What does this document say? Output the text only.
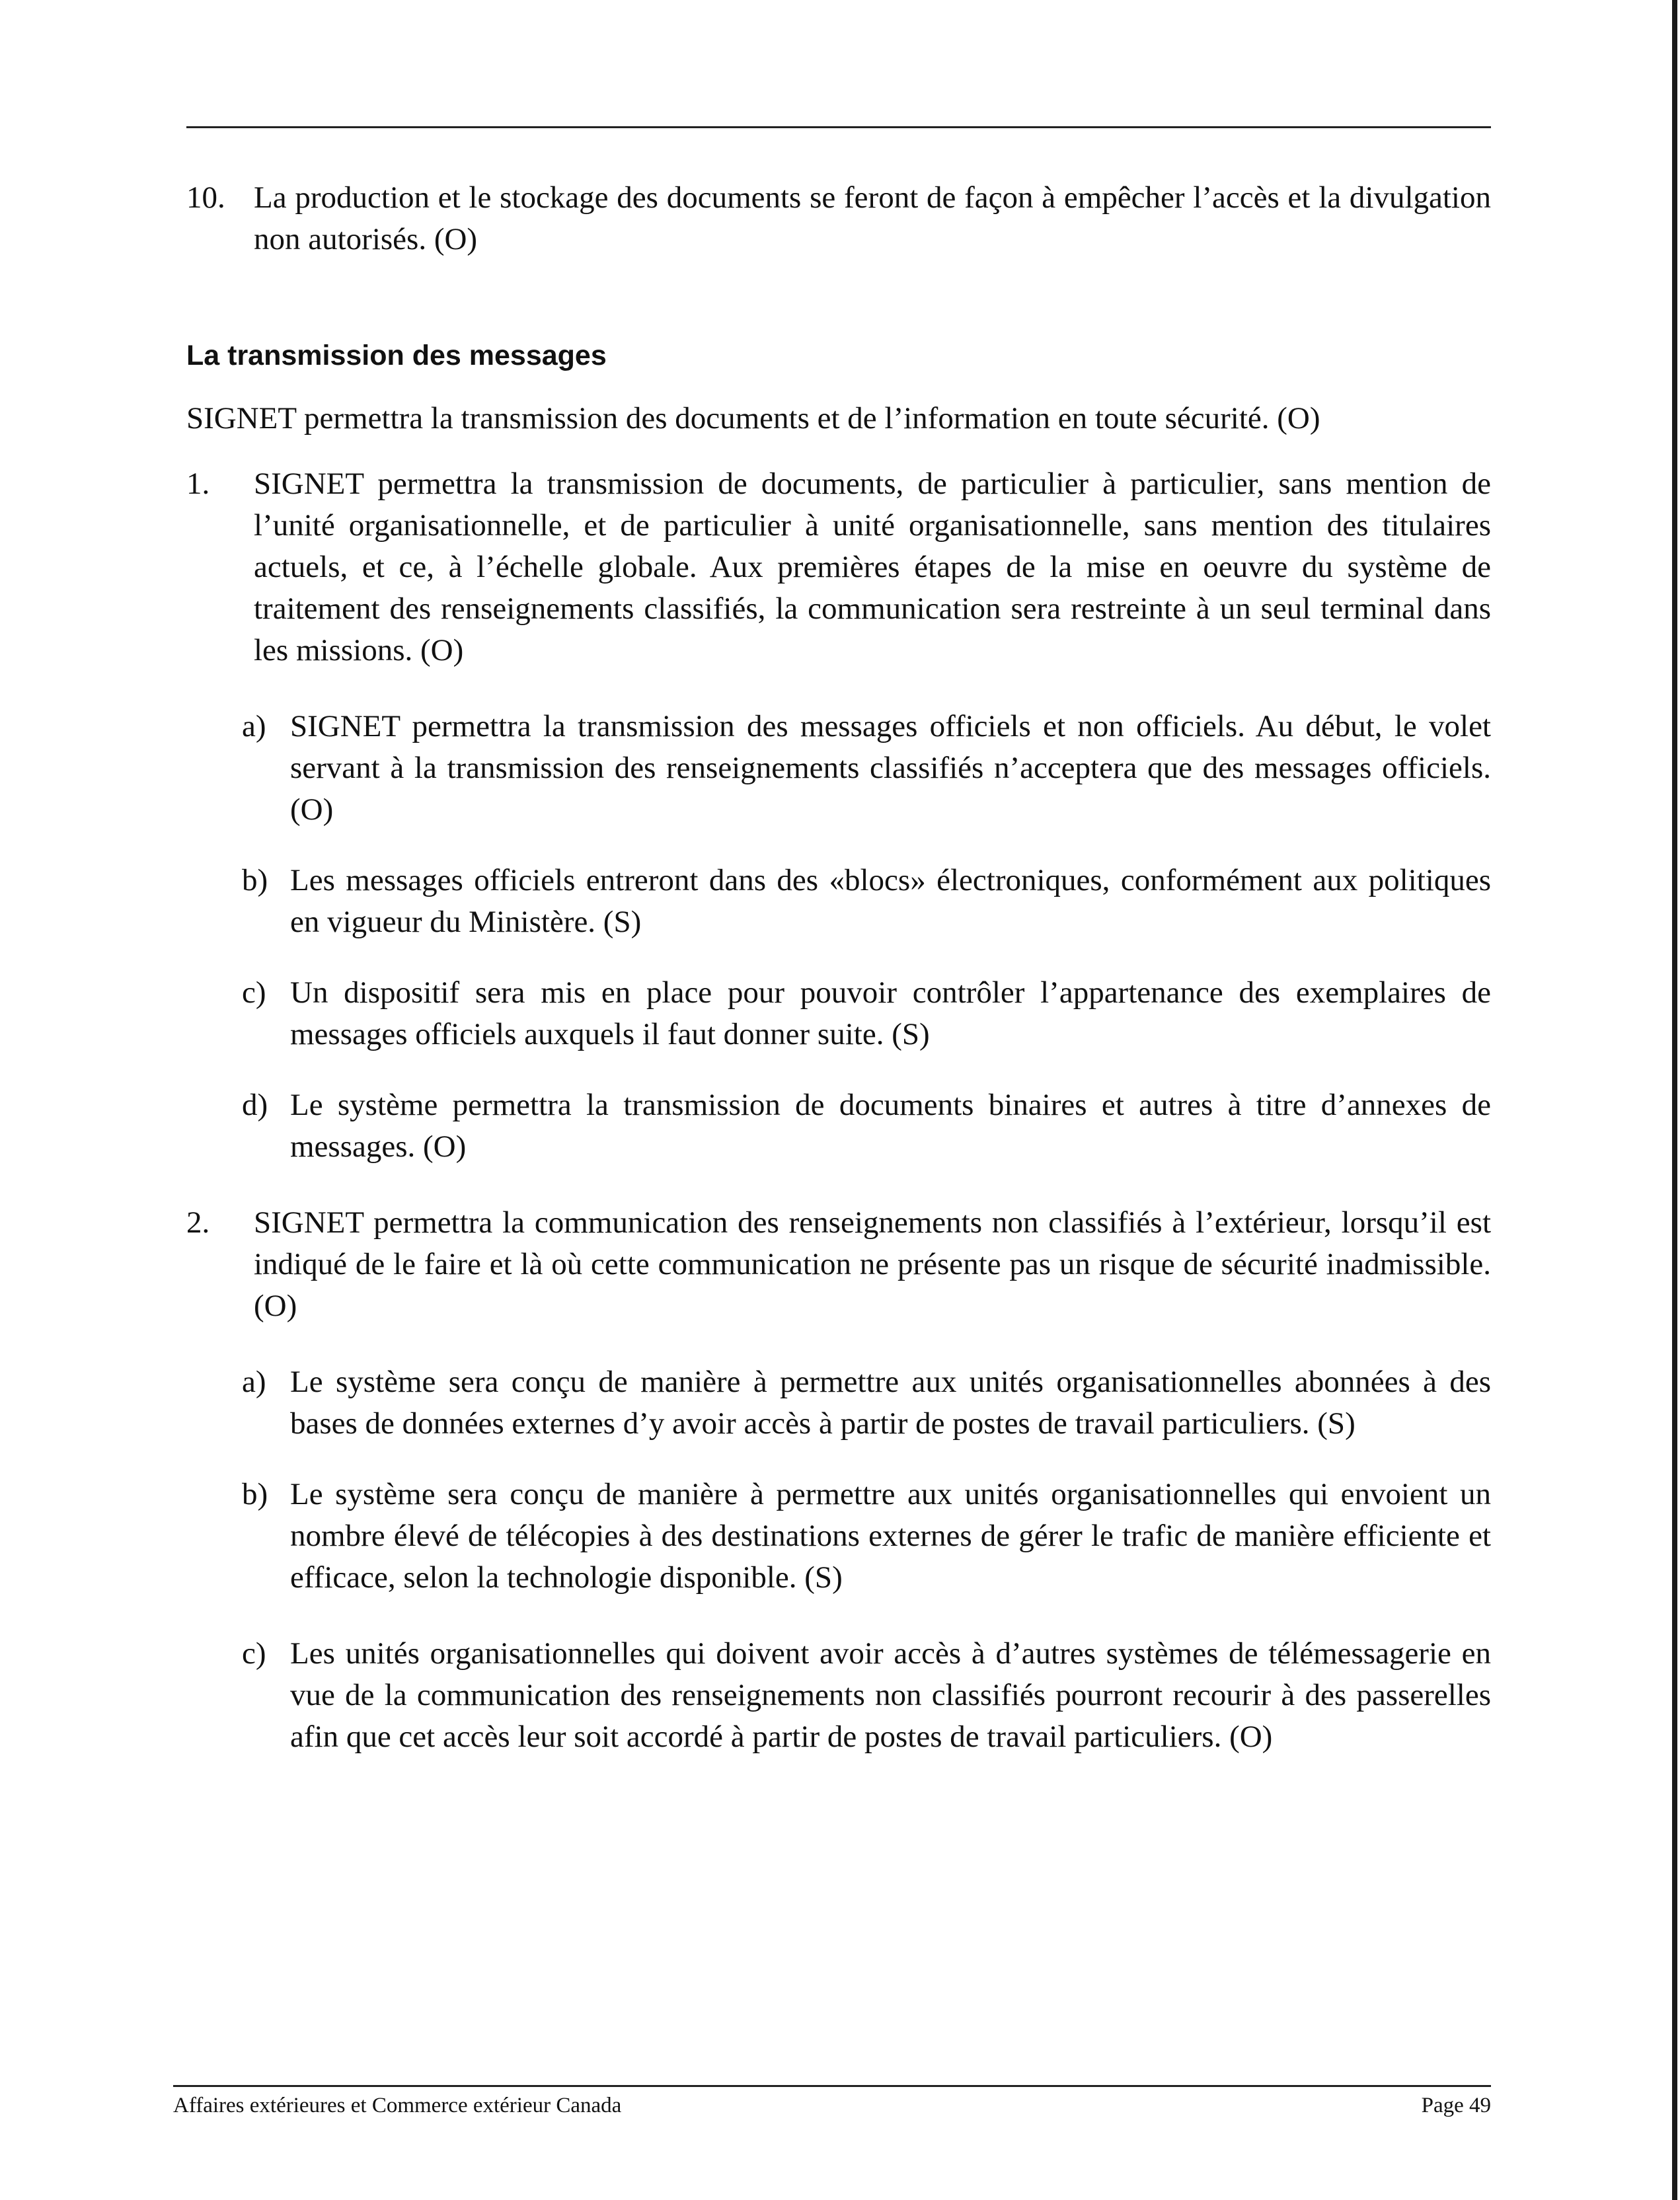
10. La production et le stockage des documents se feront de façon à empêcher l’accès et la divulgation non autorisés. (O)
La transmission des messages
SIGNET permettra la transmission des documents et de l’information en toute sécurité. (O)
1.	SIGNET permettra la transmission de documents, de particulier à particulier, sans mention de l’unité organisationnelle, et de particulier à unité organisationnelle, sans mention des titulaires actuels, et ce, à l’échelle globale. Aux premières étapes de la mise en oeuvre du système de traitement des renseignements classifiés, la communication sera restreinte à un seul terminal dans les missions. (O)
a) SIGNET permettra la transmission des messages officiels et non officiels. Au début, le volet servant à la transmission des renseignements classifiés n’acceptera que des messages officiels. (O)
b) Les messages officiels entreront dans des «blocs» électroniques, conformément aux politiques en vigueur du Ministère. (S)
c) Un dispositif sera mis en place pour pouvoir contrôler l’appartenance des exemplaires de messages officiels auxquels il faut donner suite. (S)
d) Le système permettra la transmission de documents binaires et autres à titre d’annexes de messages. (O)
2.	SIGNET permettra la communication des renseignements non classifiés à l’extérieur, lorsqu’il est indiqué de le faire et là où cette communication ne présente pas un risque de sécurité inadmissible. (O)
a) Le système sera conçu de manière à permettre aux unités organisationnelles abonnées à des bases de données externes d’y avoir accès à partir de postes de travail particuliers. (S)
b) Le système sera conçu de manière à permettre aux unités organisationnelles qui envoient un nombre élevé de télécopies à des destinations externes de gérer le trafic de manière efficiente et efficace, selon la technologie disponible. (S)
c) Les unités organisationnelles qui doivent avoir accès à d’autres systèmes de télémessagerie en vue de la communication des renseignements non classifiés pourront recourir à des passerelles afin que cet accès leur soit accordé à partir de postes de travail particuliers. (O)
Affaires extérieures et Commerce extérieur Canada	Page 49
